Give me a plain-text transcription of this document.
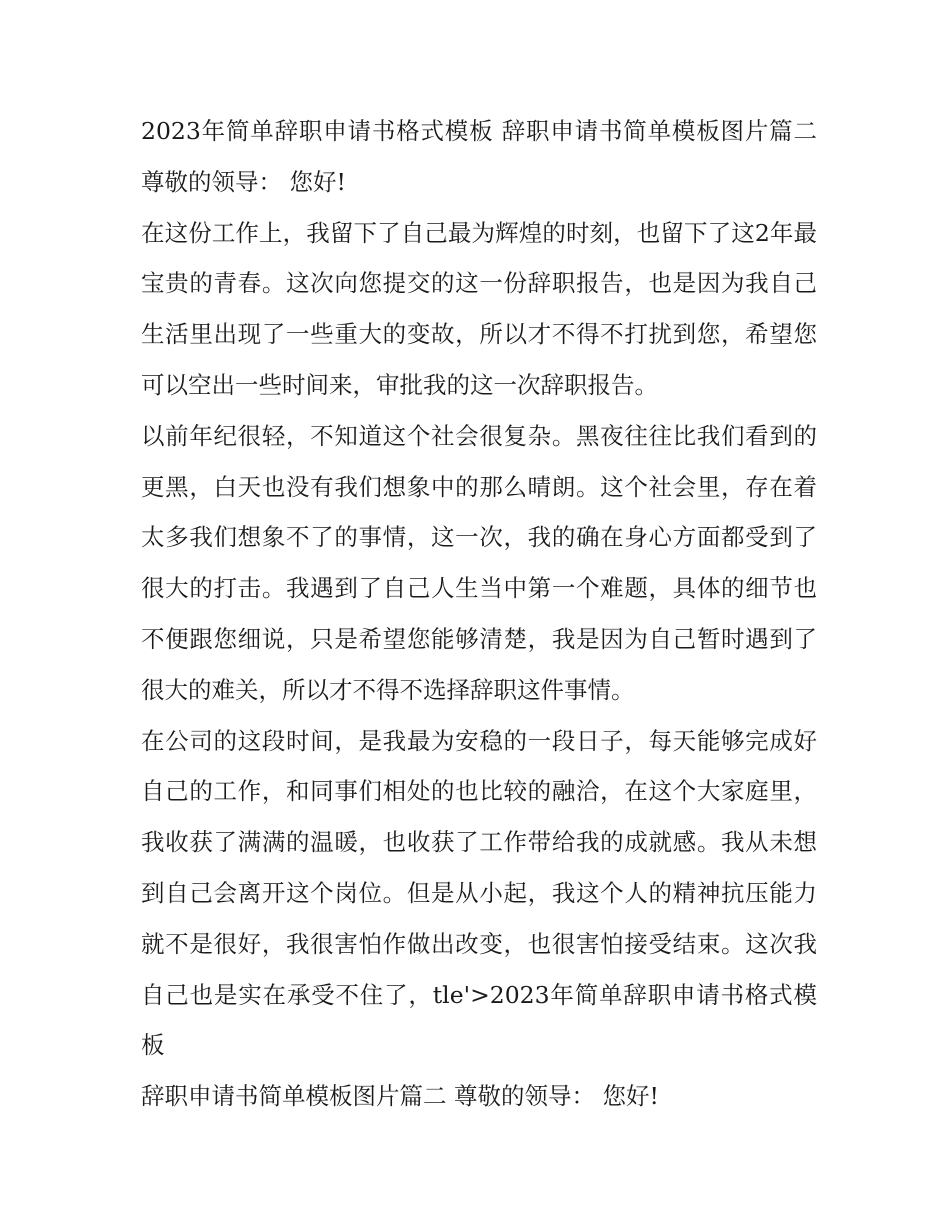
2023年简单辞职申请书格式模板 辞职申请书简单模板图片篇二 尊敬的领导： 您好!

在这份工作上，我留下了自己最为辉煌的时刻，也留下了这2年最宝贵的青春。这次向您提交的这一份辞职报告，也是因为我自己生活里出现了一些重大的变故，所以才不得不打扰到您，希望您可以空出一些时间来，审批我的这一次辞职报告。

以前年纪很轻，不知道这个社会很复杂。黑夜往往比我们看到的更黑，白天也没有我们想象中的那么晴朗。这个社会里，存在着太多我们想象不了的事情，这一次，我的确在身心方面都受到了很大的打击。我遇到了自己人生当中第一个难题，具体的细节也不便跟您细说，只是希望您能够清楚，我是因为自己暂时遇到了很大的难关，所以才不得不选择辞职这件事情。

在公司的这段时间，是我最为安稳的一段日子，每天能够完成好自己的工作，和同事们相处的也比较的融洽，在这个大家庭里，我收获了满满的温暖，也收获了工作带给我的成就感。我从未想到自己会离开这个岗位。但是从小起，我这个人的精神抗压能力就不是很好，我很害怕作做出改变，也很害怕接受结束。这次我自己也是实在承受不住了，tle'>2023年简单辞职申请书格式模板

辞职申请书简单模板图片篇二 尊敬的领导： 您好!
